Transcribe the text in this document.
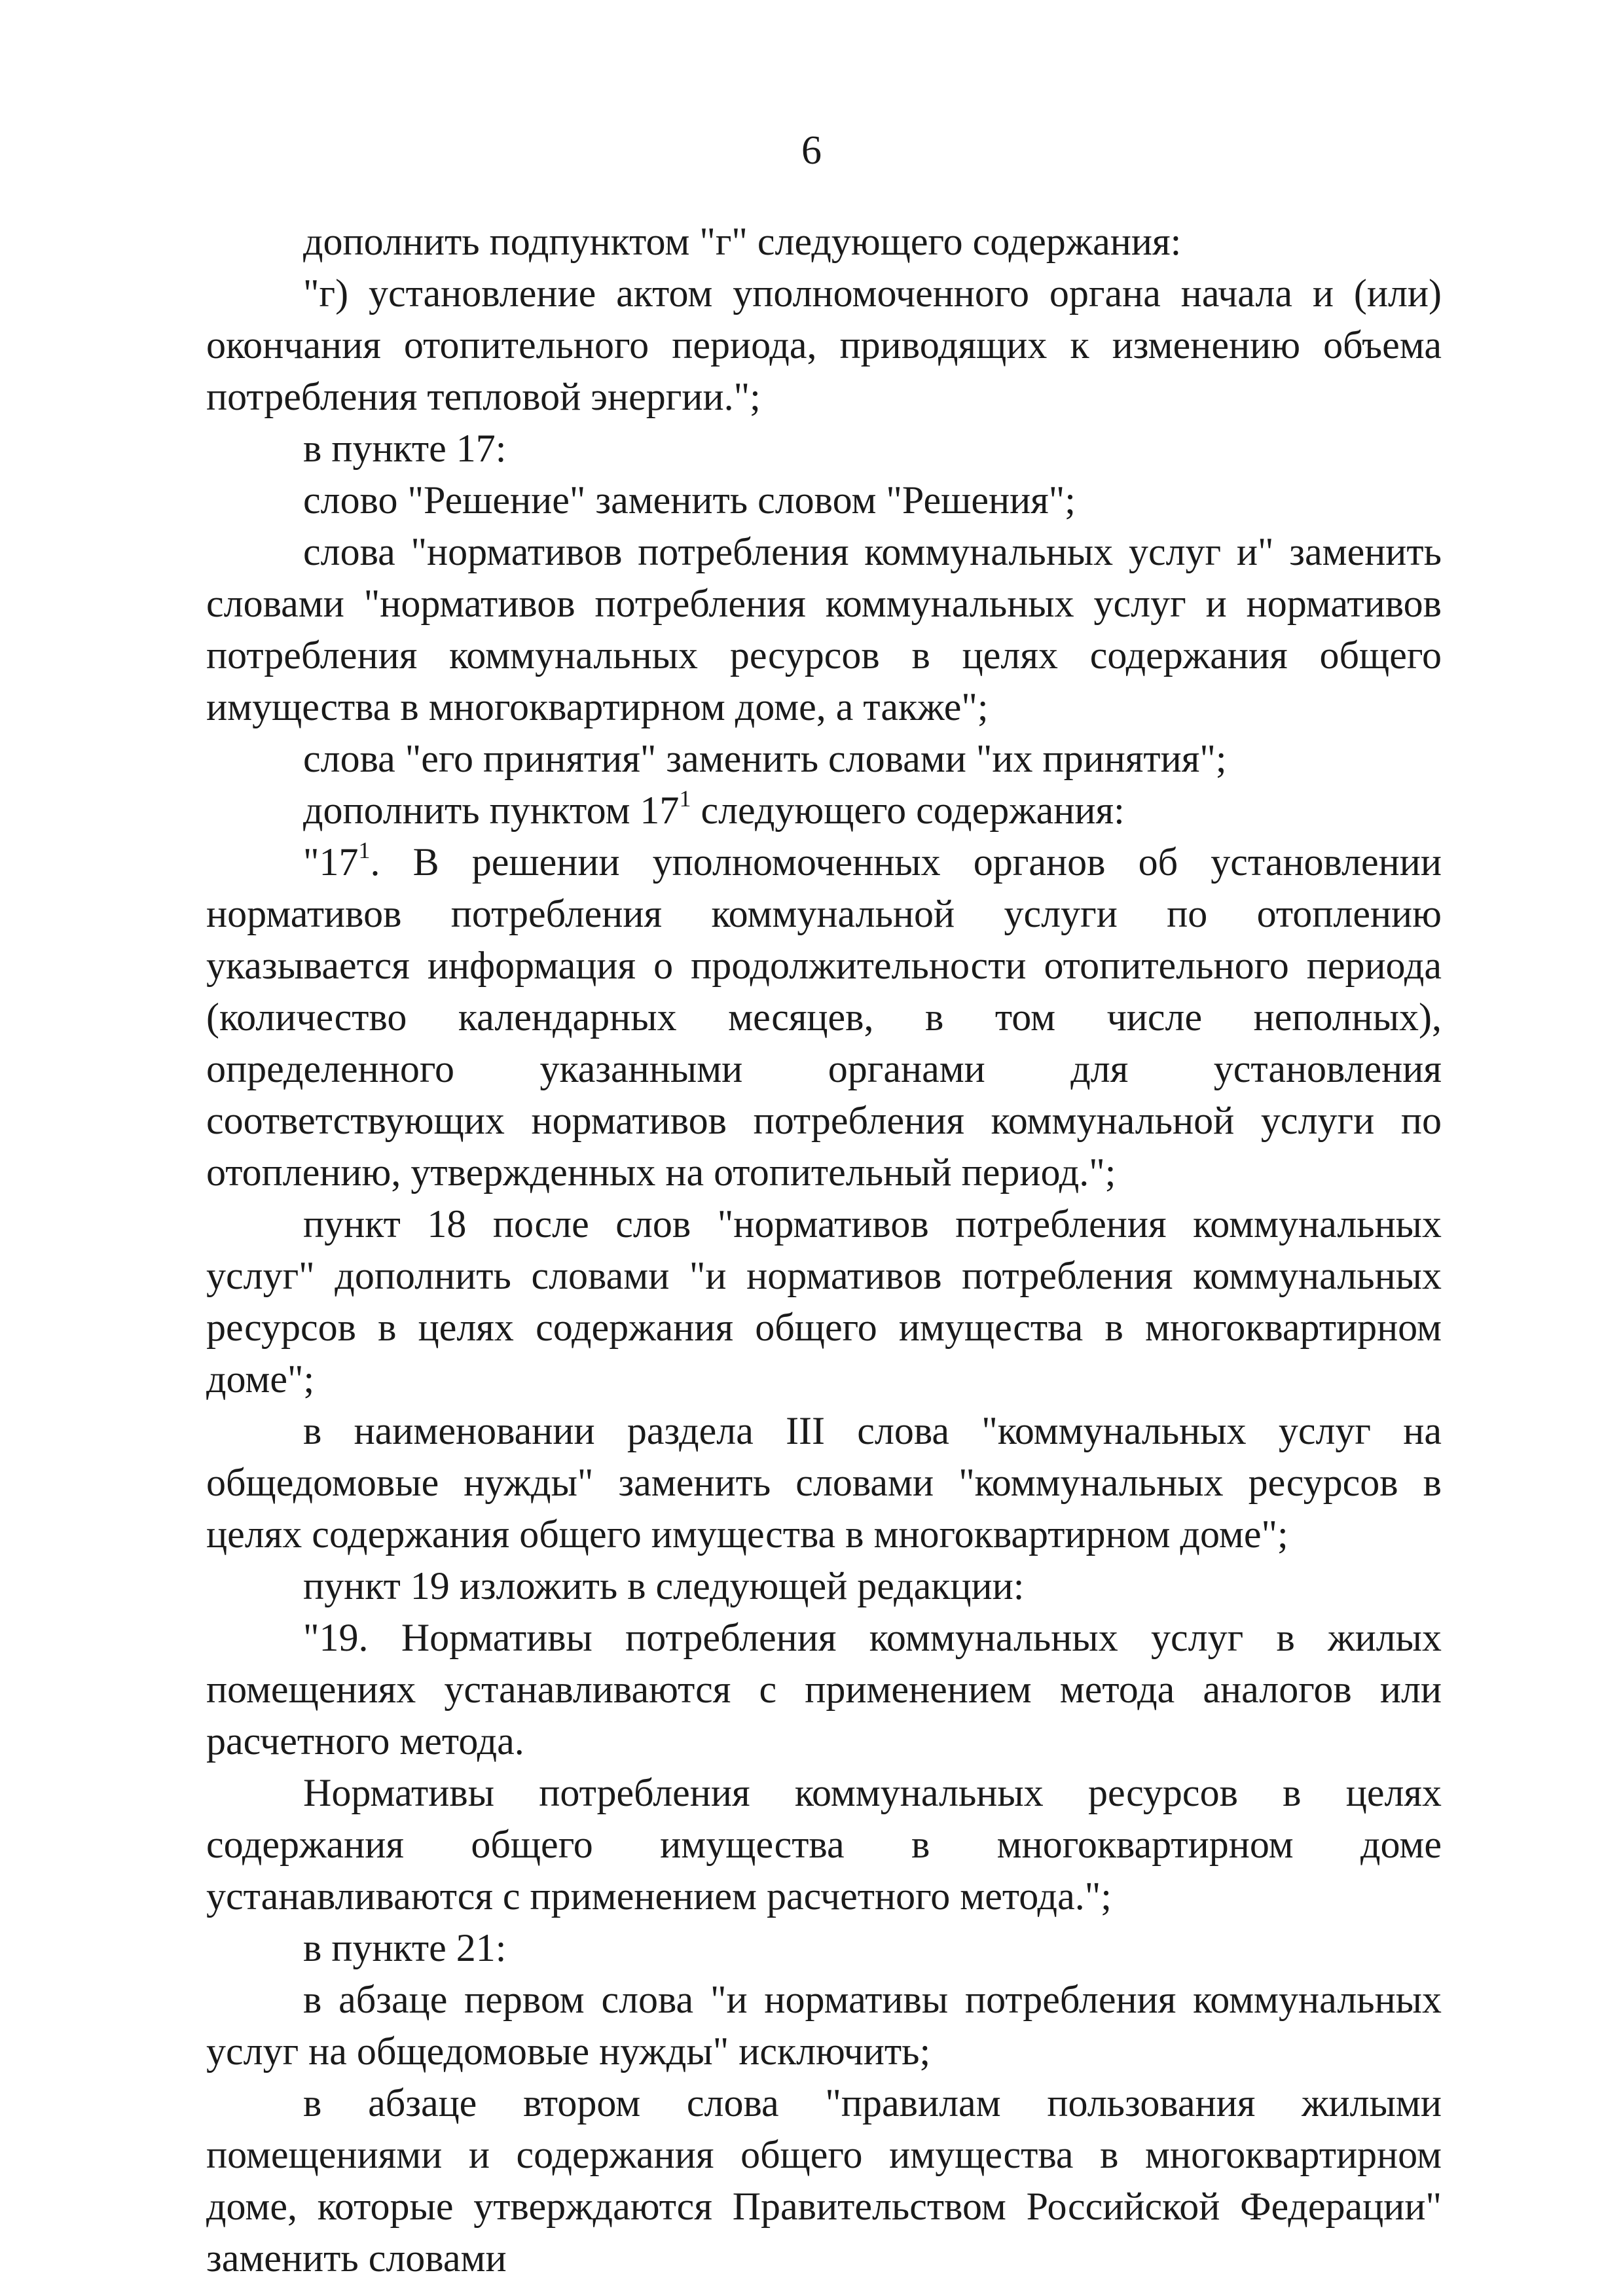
6

дополнить подпунктом "г" следующего содержания:

"г) установление актом уполномоченного органа начала и (или) окончания отопительного периода, приводящих к изменению объема потребления тепловой энергии.";

в пункте 17:

слово "Решение" заменить словом "Решения";

слова "нормативов потребления коммунальных услуг и" заменить словами "нормативов потребления коммунальных услуг и нормативов потребления коммунальных ресурсов в целях содержания общего имущества в многоквартирном доме, а также";

слова "его принятия" заменить словами "их принятия";

дополнить пунктом $17^1$ следующего содержания:

"$17^1$. В решении уполномоченных органов об установлении нормативов потребления коммунальной услуги по отоплению указывается информация о продолжительности отопительного периода (количество календарных месяцев, в том числе неполных), определенного указанными органами для установления соответствующих нормативов потребления коммунальной услуги по отоплению, утвержденных на отопительный период.";

пункт 18 после слов "нормативов потребления коммунальных услуг" дополнить словами "и нормативов потребления коммунальных ресурсов в целях содержания общего имущества в многоквартирном доме";

в наименовании раздела III слова "коммунальных услуг на общедомовые нужды" заменить словами "коммунальных ресурсов в целях содержания общего имущества в многоквартирном доме";

пункт 19 изложить в следующей редакции:

"19. Нормативы потребления коммунальных услуг в жилых помещениях устанавливаются с применением метода аналогов или расчетного метода.

Нормативы потребления коммунальных ресурсов в целях содержания общего имущества в многоквартирном доме устанавливаются с применением расчетного метода.";

в пункте 21:

в абзаце первом слова "и нормативы потребления коммунальных услуг на общедомовые нужды" исключить;

в абзаце втором слова "правилам пользования жилыми помещениями и содержания общего имущества в многоквартирном доме, которые утверждаются Правительством Российской Федерации" заменить словами
